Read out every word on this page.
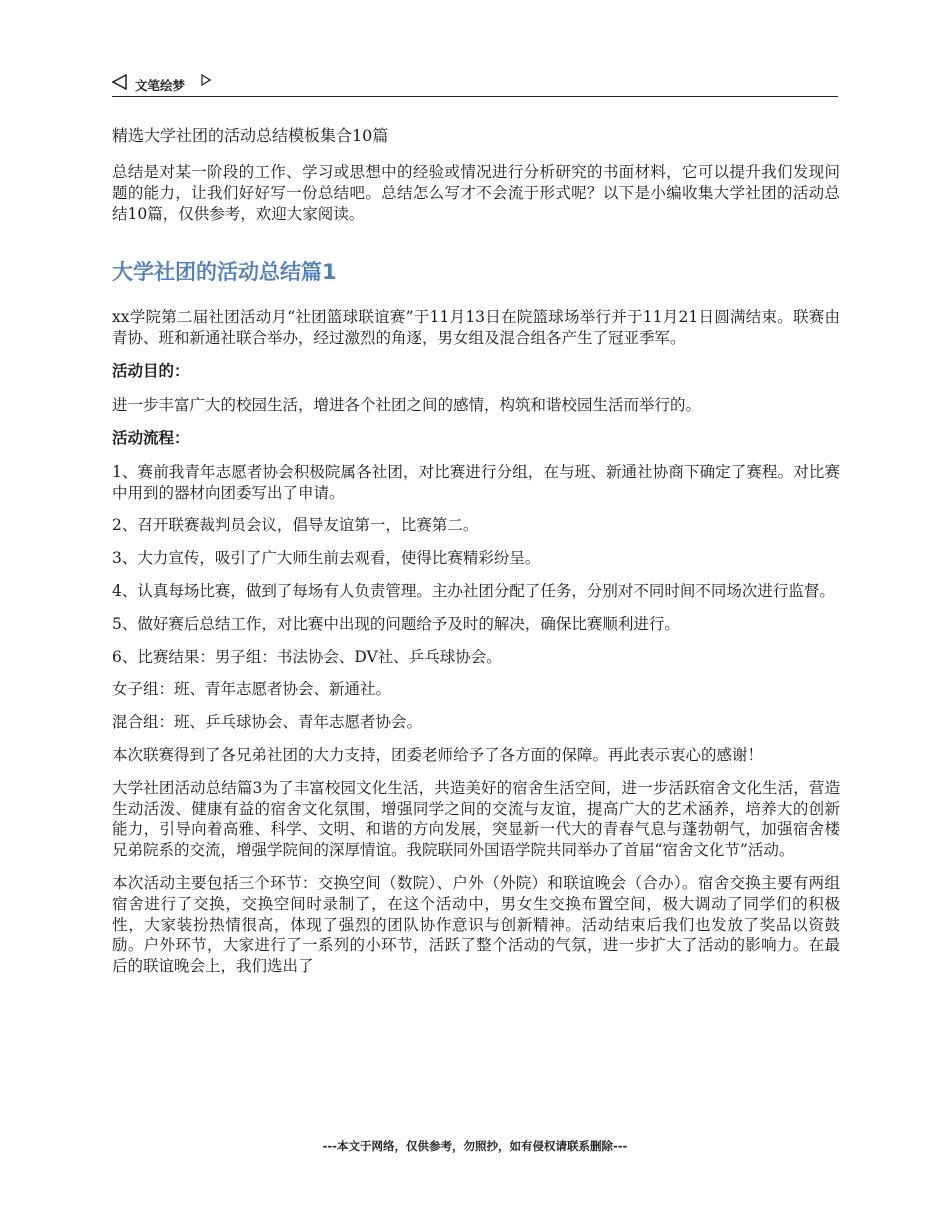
文笔绘梦

精选大学社团的活动总结模板集合10篇

总结是对某一阶段的工作、学习或思想中的经验或情况进行分析研究的书面材料，它可以提升我们发现问题的能力，让我们好好写一份总结吧。总结怎么写才不会流于形式呢？以下是小编收集大学社团的活动总结10篇，仅供参考，欢迎大家阅读。

大学社团的活动总结篇1

xx学院第二届社团活动月“社团篮球联谊赛”于11月13日在院篮球场举行并于11月21日圆满结束。联赛由青协、班和新通社联合举办，经过激烈的角逐，男女组及混合组各产生了冠亚季军。

活动目的：

进一步丰富广大的校园生活，增进各个社团之间的感情，构筑和谐校园生活而举行的。

活动流程：

1、赛前我青年志愿者协会积极院属各社团，对比赛进行分组，在与班、新通社协商下确定了赛程。对比赛中用到的器材向团委写出了申请。

2、召开联赛裁判员会议，倡导友谊第一，比赛第二。

3、大力宣传，吸引了广大师生前去观看，使得比赛精彩纷呈。

4、认真每场比赛，做到了每场有人负责管理。主办社团分配了任务，分别对不同时间不同场次进行监督。

5、做好赛后总结工作，对比赛中出现的问题给予及时的解决，确保比赛顺利进行。

6、比赛结果：男子组：书法协会、DV社、乒乓球协会。

女子组：班、青年志愿者协会、新通社。

混合组：班、乒乓球协会、青年志愿者协会。

本次联赛得到了各兄弟社团的大力支持，团委老师给予了各方面的保障。再此表示衷心的感谢！

大学社团活动总结篇3为了丰富校园文化生活，共造美好的宿舍生活空间，进一步活跃宿舍文化生活，营造生动活泼、健康有益的宿舍文化氛围，增强同学之间的交流与友谊，提高广大的艺术涵养，培养大的创新能力，引导向着高雅、科学、文明、和谐的方向发展，突显新一代大的青春气息与蓬勃朝气，加强宿舍楼兄弟院系的交流，增强学院间的深厚情谊。我院联同外国语学院共同举办了首届“宿舍文化节”活动。

本次活动主要包括三个环节：交换空间（数院）、户外（外院）和联谊晚会（合办）。宿舍交换主要有两组宿舍进行了交换，交换空间时录制了，在这个活动中，男女生交换布置空间，极大调动了同学们的积极性，大家装扮热情很高，体现了强烈的团队协作意识与创新精神。活动结束后我们也发放了奖品以资鼓励。户外环节，大家进行了一系列的小环节，活跃了整个活动的气氛，进一步扩大了活动的影响力。在最后的联谊晚会上，我们选出了

---本文于网络，仅供参考，勿照抄，如有侵权请联系删除---
